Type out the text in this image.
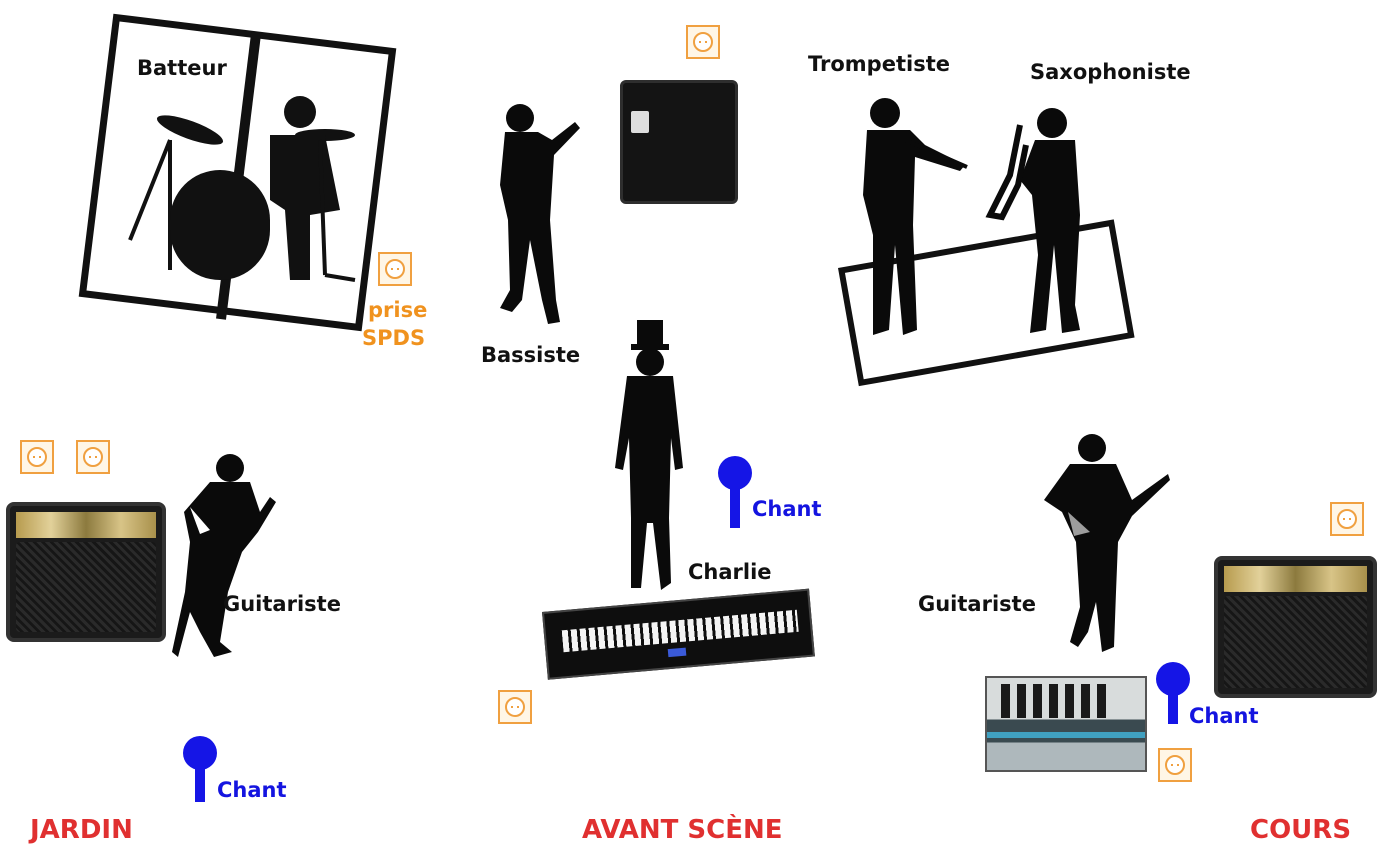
Batteur
prise
SPDS
Bassiste
Trompetiste	Saxophoniste
Guitariste
Chant
Chant
Charlie
Guitariste
Chant
JARDIN	AVANT SCÈNE	COURS
